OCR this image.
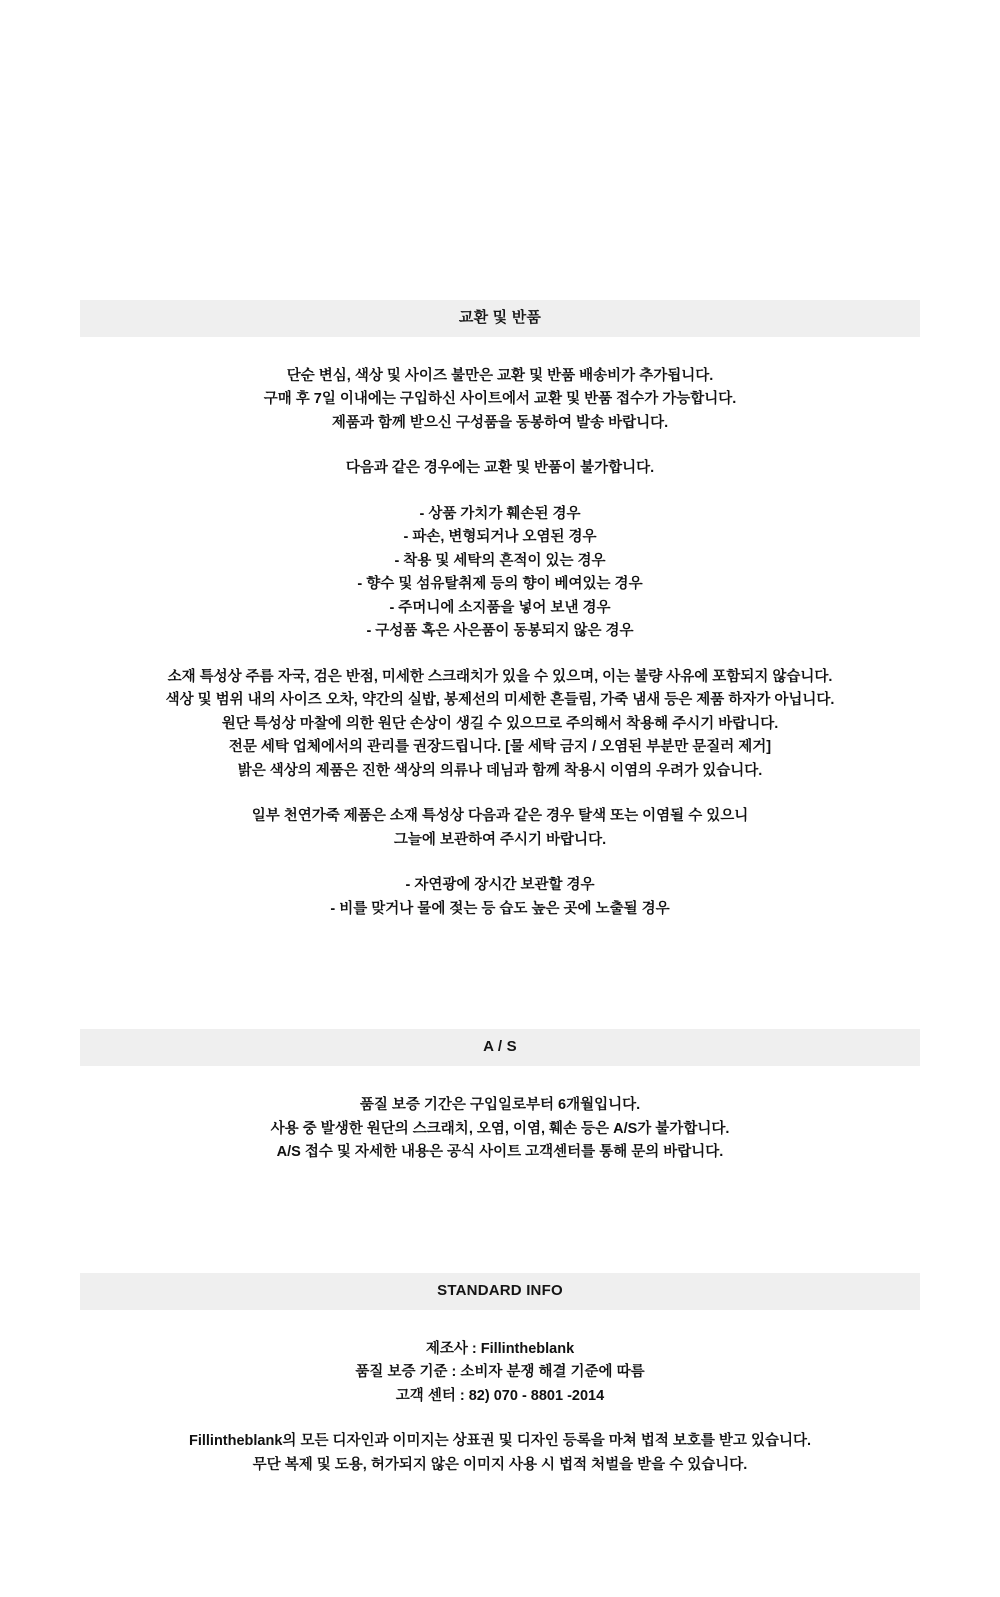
교환 및 반품
단순 변심, 색상 및 사이즈 불만은 교환 및 반품 배송비가 추가됩니다.
구매 후 7일 이내에는 구입하신 사이트에서 교환 및 반품 접수가 가능합니다.
제품과 함께 받으신 구성품을 동봉하여 발송 바랍니다.
다음과 같은 경우에는 교환 및 반품이 불가합니다.
- 상품 가치가 훼손된 경우
- 파손, 변형되거나 오염된 경우
- 착용 및 세탁의 흔적이 있는 경우
- 향수 및 섬유탈취제 등의 향이 베여있는 경우
- 주머니에 소지품을 넣어 보낸 경우
- 구성품 혹은 사은품이 동봉되지 않은 경우
소재 특성상 주름 자국, 검은 반점, 미세한 스크래치가 있을 수 있으며, 이는 불량 사유에 포함되지 않습니다.
색상 및 범위 내의 사이즈 오차, 약간의 실밥, 봉제선의 미세한 흔들림, 가죽 냄새 등은 제품 하자가 아닙니다.
원단 특성상 마찰에 의한 원단 손상이 생길 수 있으므로 주의해서 착용해 주시기 바랍니다.
전문 세탁 업체에서의 관리를 권장드립니다. [물 세탁 금지 / 오염된 부분만 문질러 제거]
밝은 색상의 제품은 진한 색상의 의류나 데님과 함께 착용시 이염의 우려가 있습니다.
일부 천연가죽 제품은 소재 특성상 다음과 같은 경우 탈색 또는 이염될 수 있으니
그늘에 보관하여 주시기 바랍니다.
- 자연광에 장시간 보관할 경우
- 비를 맞거나 물에 젖는 등 습도 높은 곳에 노출될 경우
A / S
품질 보증 기간은 구입일로부터 6개월입니다.
사용 중 발생한 원단의 스크래치, 오염, 이염, 훼손 등은 A/S가 불가합니다.
A/S 접수 및 자세한 내용은 공식 사이트 고객센터를 통해 문의 바랍니다.
STANDARD INFO
제조사 : Fillintheblank
품질 보증 기준 : 소비자 분쟁 해결 기준에 따름
고객 센터 : 82) 070 - 8801 -2014
Fillintheblank의 모든 디자인과 이미지는 상표권 및 디자인 등록을 마쳐 법적 보호를 받고 있습니다.
무단 복제 및 도용, 허가되지 않은 이미지 사용 시 법적 처벌을 받을 수 있습니다.
